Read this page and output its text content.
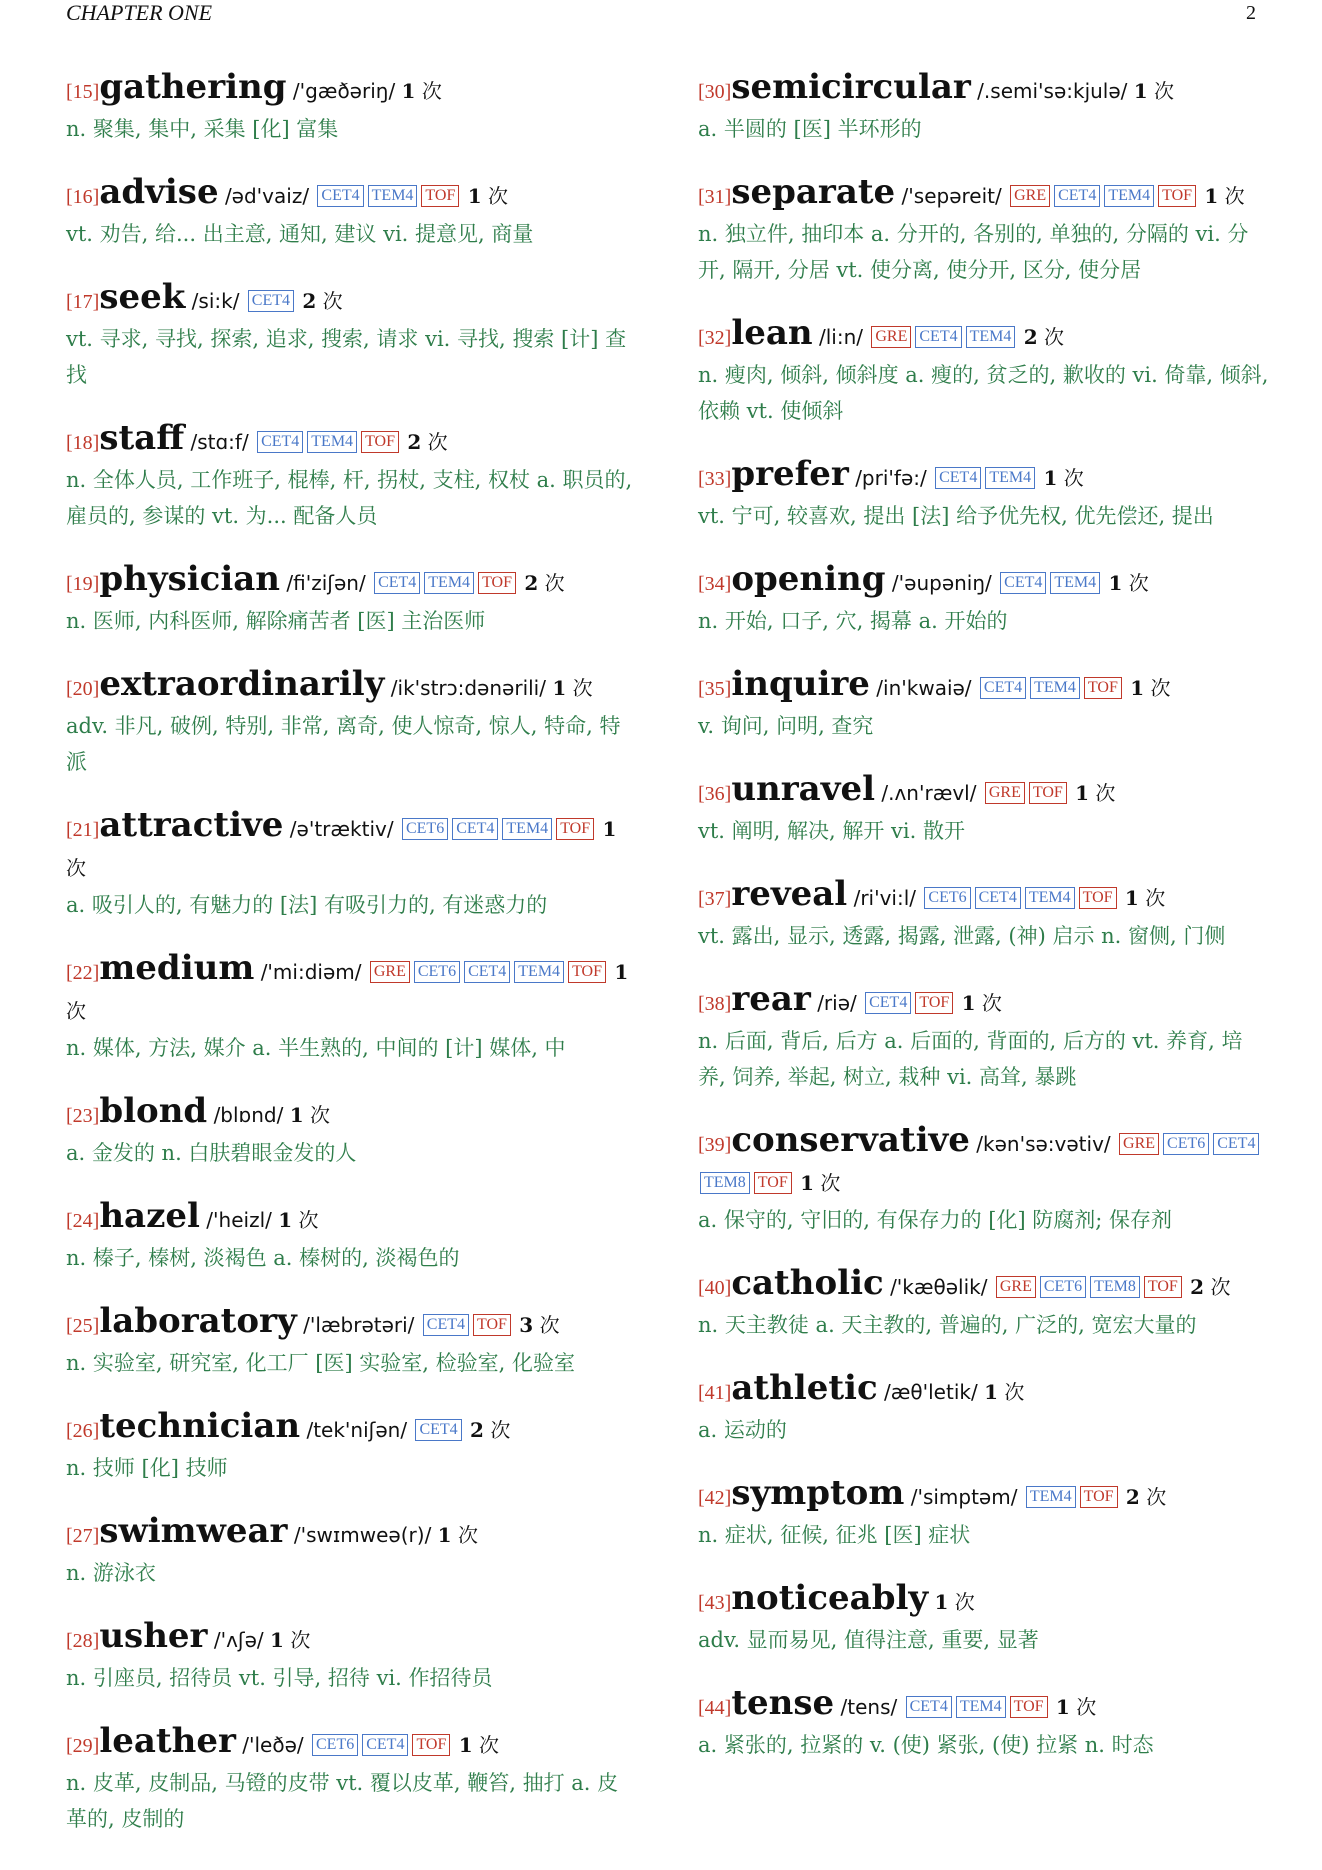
CHAPTER ONE	2
[15]gathering /'gæðəriŋ/ 1 次
n. 聚集, 集中, 采集 [化] 富集
[16]advise /əd'vaiz/ CET4 TEM4 TOF 1 次
vt. 劝告, 给... 出主意, 通知, 建议 vi. 提意见, 商量
[17]seek /si:k/ CET4 2 次
vt. 寻求, 寻找, 探索, 追求, 搜索, 请求 vi. 寻找, 搜索 [计] 查找
[18]staff /stɑ:f/ CET4 TEM4 TOF 2 次
n. 全体人员, 工作班子, 棍棒, 杆, 拐杖, 支柱, 权杖 a. 职员的, 雇员的, 参谋的 vt. 为... 配备人员
[19]physician /fi'ziʃən/ CET4 TEM4 TOF 2 次
n. 医师, 内科医师, 解除痛苦者 [医] 主治医师
[20]extraordinarily /ik'strɔ:dənərili/ 1 次
adv. 非凡, 破例, 特别, 非常, 离奇, 使人惊奇, 惊人, 特命, 特派
[21]attractive /ə'træktiv/ CET6 CET4 TEM4 TOF 1 次
a. 吸引人的, 有魅力的 [法] 有吸引力的, 有迷惑力的
[22]medium /'mi:diəm/ GRE CET6 CET4 TEM4 TOF 1 次
n. 媒体, 方法, 媒介 a. 半生熟的, 中间的 [计] 媒体, 中
[23]blond /blɒnd/ 1 次
a. 金发的 n. 白肤碧眼金发的人
[24]hazel /'heizl/ 1 次
n. 榛子, 榛树, 淡褐色 a. 榛树的, 淡褐色的
[25]laboratory /'læbrətəri/ CET4 TOF 3 次
n. 实验室, 研究室, 化工厂 [医] 实验室, 检验室, 化验室
[26]technician /tek'niʃən/ CET4 2 次
n. 技师 [化] 技师
[27]swimwear /'swɪmweə(r)/ 1 次
n. 游泳衣
[28]usher /'ʌʃə/ 1 次
n. 引座员, 招待员 vt. 引导, 招待 vi. 作招待员
[29]leather /'leðə/ CET6 CET4 TOF 1 次
n. 皮革, 皮制品, 马镫的皮带 vt. 覆以皮革, 鞭笞, 抽打 a. 皮革的, 皮制的
[30]semicircular /.semi'sə:kjulə/ 1 次
a. 半圆的 [医] 半环形的
[31]separate /'sepəreit/ GRE CET4 TEM4 TOF 1 次
n. 独立件, 抽印本 a. 分开的, 各别的, 单独的, 分隔的 vi. 分开, 隔开, 分居 vt. 使分离, 使分开, 区分, 使分居
[32]lean /li:n/ GRE CET4 TEM4 2 次
n. 瘦肉, 倾斜, 倾斜度 a. 瘦的, 贫乏的, 歉收的 vi. 倚靠, 倾斜, 依赖 vt. 使倾斜
[33]prefer /pri'fə:/ CET4 TEM4 1 次
vt. 宁可, 较喜欢, 提出 [法] 给予优先权, 优先偿还, 提出
[34]opening /'əupəniŋ/ CET4 TEM4 1 次
n. 开始, 口子, 穴, 揭幕 a. 开始的
[35]inquire /in'kwaiə/ CET4 TEM4 TOF 1 次
v. 询问, 问明, 查究
[36]unravel /.ʌn'rævl/ GRE TOF 1 次
vt. 阐明, 解决, 解开 vi. 散开
[37]reveal /ri'vi:l/ CET6 CET4 TEM4 TOF 1 次
vt. 露出, 显示, 透露, 揭露, 泄露, (神) 启示 n. 窗侧, 门侧
[38]rear /riə/ CET4 TOF 1 次
n. 后面, 背后, 后方 a. 后面的, 背面的, 后方的 vt. 养育, 培养, 饲养, 举起, 树立, 栽种 vi. 高耸, 暴跳
[39]conservative /kən'sə:vətiv/ GRE CET6 CET4TEM8 TOF 1 次
a. 保守的, 守旧的, 有保存力的 [化] 防腐剂; 保存剂
[40]catholic /'kæθəlik/ GRE CET6 TEM8 TOF 2 次
n. 天主教徒 a. 天主教的, 普遍的, 广泛的, 宽宏大量的
[41]athletic /æθ'letik/ 1 次
a. 运动的
[42]symptom /'simptəm/ TEM4 TOF 2 次
n. 症状, 征候, 征兆 [医] 症状
[43]noticeably 1 次
adv. 显而易见, 值得注意, 重要, 显著
[44]tense /tens/ CET4 TEM4 TOF 1 次
a. 紧张的, 拉紧的 v. (使) 紧张, (使) 拉紧 n. 时态
